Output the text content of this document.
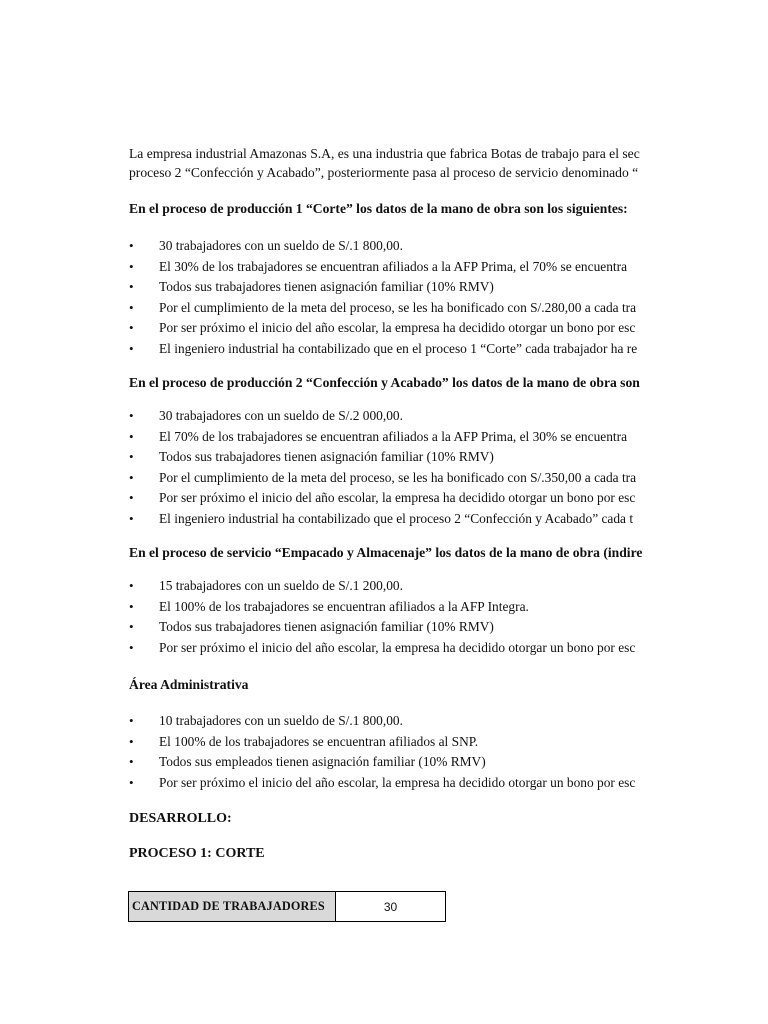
La empresa industrial Amazonas S.A, es una industria que fabrica Botas de trabajo para el sec
proceso 2 “Confección y Acabado”, posteriormente pasa al proceso de servicio denominado “
En el proceso de producción 1 “Corte” los datos de la mano de obra son los siguientes:
• 30 trabajadores con un sueldo de S/.1 800,00.
• El 30% de los trabajadores se encuentran afiliados a la AFP Prima, el 70% se encuentra
• Todos sus trabajadores tienen asignación familiar (10% RMV)
• Por el cumplimiento de la meta del proceso, se les ha bonificado con S/.280,00 a cada tra
• Por ser próximo el inicio del año escolar, la empresa ha decidido otorgar un bono por esc
• El ingeniero industrial ha contabilizado que en el proceso 1 “Corte” cada trabajador ha re
En el proceso de producción 2 “Confección y Acabado” los datos de la mano de obra son
• 30 trabajadores con un sueldo de S/.2 000,00.
• El 70% de los trabajadores se encuentran afiliados a la AFP Prima, el 30% se encuentra
• Todos sus trabajadores tienen asignación familiar (10% RMV)
• Por el cumplimiento de la meta del proceso, se les ha bonificado con S/.350,00 a cada tra
• Por ser próximo el inicio del año escolar, la empresa ha decidido otorgar un bono por esc
• El ingeniero industrial ha contabilizado que el proceso 2 “Confección y Acabado” cada t
En el proceso de servicio “Empacado y Almacenaje” los datos de la mano de obra (indire
• 15 trabajadores con un sueldo de S/.1 200,00.
• El 100% de los trabajadores se encuentran afiliados a la AFP Integra.
• Todos sus trabajadores tienen asignación familiar (10% RMV)
• Por ser próximo el inicio del año escolar, la empresa ha decidido otorgar un bono por esc
Área Administrativa
• 10 trabajadores con un sueldo de S/.1 800,00.
• El 100% de los trabajadores se encuentran afiliados al SNP.
• Todos sus empleados tienen asignación familiar (10% RMV)
• Por ser próximo el inicio del año escolar, la empresa ha decidido otorgar un bono por esc
DESARROLLO:
PROCESO 1: CORTE
CANTIDAD DE TRABAJADORES	30
